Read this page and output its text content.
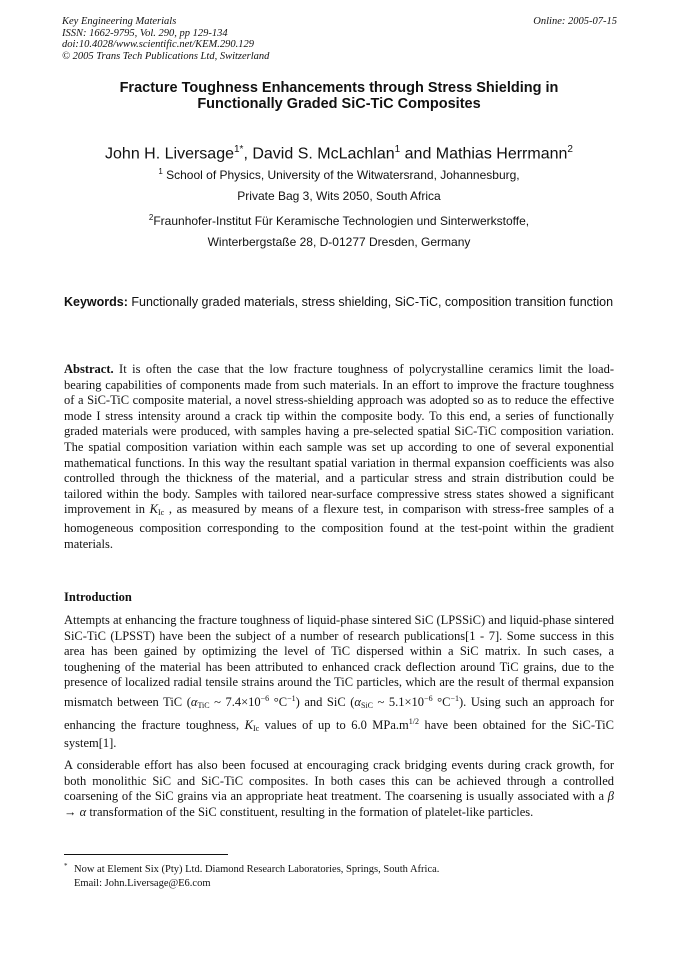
Key Engineering Materials
ISSN: 1662-9795, Vol. 290, pp 129-134
doi:10.4028/www.scientific.net/KEM.290.129
© 2005 Trans Tech Publications Ltd, Switzerland
Online: 2005-07-15
Fracture Toughness Enhancements through Stress Shielding in
Functionally Graded SiC-TiC Composites
John H. Liversage$^{1*}$, David S. McLachlan$^1$ and Mathias Herrmann$^2$
$^1$ School of Physics, University of the Witwatersrand, Johannesburg,
Private Bag 3, Wits 2050, South Africa
$^2$Fraunhofer-Institut Für Keramische Technologien und Sinterwerkstoffe,
Winterbergstaße 28, D-01277 Dresden, Germany
Keywords: Functionally graded materials, stress shielding, SiC-TiC, composition transition function
Abstract. It is often the case that the low fracture toughness of polycrystalline ceramics limit the load-bearing capabilities of components made from such materials. In an effort to improve the fracture toughness of a SiC-TiC composite material, a novel stress-shielding approach was adopted so as to reduce the effective mode I stress intensity around a crack tip within the composite body. To this end, a series of functionally graded materials were produced, with samples having a pre-selected spatial SiC-TiC composition variation. The spatial composition variation within each sample was set up according to one of several exponential mathematical functions. In this way the resultant spatial variation in thermal expansion coefficients was also controlled through the thickness of the material, and a particular stress and strain distribution could be tailored within the body. Samples with tailored near-surface compressive stress states showed a significant improvement in $K_{Ic}$ , as measured by means of a flexure test, in comparison with stress-free samples of a homogeneous composition corresponding to the composition found at the test-point within the gradient materials.
Introduction
Attempts at enhancing the fracture toughness of liquid-phase sintered SiC (LPSSiC) and liquid-phase sintered SiC-TiC (LPSST) have been the subject of a number of research publications[1 - 7]. Some success in this area has been gained by optimizing the level of TiC dispersed within a SiC matrix. In such cases, a toughening of the material has been attributed to enhanced crack deflection around TiC grains, due to the presence of localized radial tensile strains around the TiC particles, which are the result of thermal expansion mismatch between TiC ($\alpha_{TiC}$ ~ $7.4\times 10^{-6}$ $^\circ C^{-1}$) and SiC ($\alpha_{SiC}$ ~ $5.1\times 10^{-6}$ $^\circ C^{-1}$). Using such an approach for enhancing the fracture toughness, $K_{Ic}$ values of up to 6.0 $MPa.m^{1/2}$ have been obtained for the SiC-TiC system[1].
A considerable effort has also been focused at encouraging crack bridging events during crack growth, for both monolithic SiC and SiC-TiC composites. In both cases this can be achieved through a controlled coarsening of the SiC grains via an appropriate heat treatment. The coarsening is usually associated with a β → α transformation of the SiC constituent, resulting in the formation of platelet-like particles.
* Now at Element Six (Pty) Ltd. Diamond Research Laboratories, Springs, South Africa.
Email: John.Liversage@E6.com
